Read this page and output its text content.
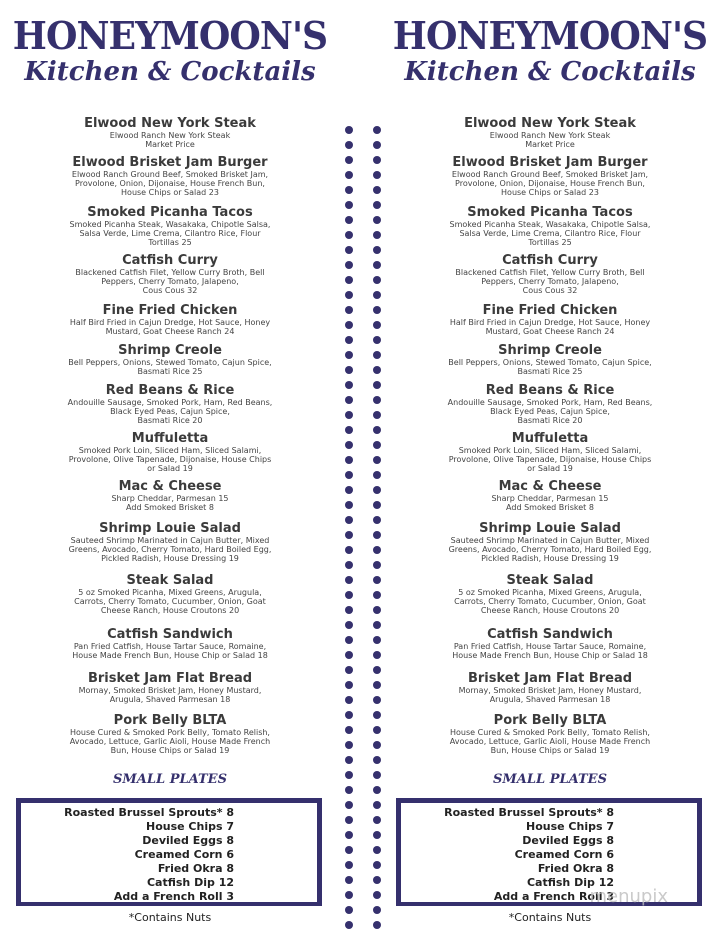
HONEYMOON'S
Kitchen & Cocktails
Elwood New York Steak
Elwood Ranch New York Steak
Market Price
Elwood Brisket Jam Burger
Elwood Ranch Ground Beef, Smoked Brisket Jam,
Provolone, Onion, Dijonaise, House French Bun,
House Chips or Salad 23
Smoked Picanha Tacos
Smoked Picanha Steak, Wasakaka, Chipotle Salsa,
Salsa Verde, Lime Crema, Cilantro Rice, Flour
Tortillas 25
Catfish Curry
Blackened Catfish Filet, Yellow Curry Broth, Bell
Peppers, Cherry Tomato, Jalapeno,
Cous Cous 32
Fine Fried Chicken
Half Bird Fried in Cajun Dredge, Hot Sauce, Honey
Mustard, Goat Cheese Ranch 24
Shrimp Creole
Bell Peppers, Onions, Stewed Tomato, Cajun Spice,
Basmati Rice 25
Red Beans & Rice
Andouille Sausage, Smoked Pork, Ham, Red Beans,
Black Eyed Peas, Cajun Spice,
Basmati Rice 20
Muffuletta
Smoked Pork Loin, Sliced Ham, Sliced Salami,
Provolone, Olive Tapenade, Dijonaise, House Chips
or Salad 19
Mac & Cheese
Sharp Cheddar, Parmesan 15
Add Smoked Brisket 8
Shrimp Louie Salad
Sauteed Shrimp Marinated in Cajun Butter, Mixed
Greens, Avocado, Cherry Tomato, Hard Boiled Egg,
Pickled Radish, House Dressing 19
Steak Salad
5 oz Smoked Picanha, Mixed Greens, Arugula,
Carrots, Cherry Tomato, Cucumber, Onion, Goat
Cheese Ranch, House Croutons 20
Catfish Sandwich
Pan Fried Catfish, House Tartar Sauce, Romaine,
House Made French Bun, House Chip or Salad 18
Brisket Jam Flat Bread
Mornay, Smoked Brisket Jam, Honey Mustard,
Arugula, Shaved Parmesan 18
Pork Belly BLTA
House Cured & Smoked Pork Belly, Tomato Relish,
Avocado, Lettuce, Garlic Aioli, House Made French
Bun, House Chips or Salad 19
SMALL PLATES
Roasted Brussel Sprouts* 8
House Chips 7
Deviled Eggs 8
Creamed Corn 6
Fried Okra 8
Catfish Dip 12
Add a French Roll 3
*Contains Nuts
HONEYMOON'S
Kitchen & Cocktails
Elwood New York Steak
Elwood Ranch New York Steak
Market Price
Elwood Brisket Jam Burger
Elwood Ranch Ground Beef, Smoked Brisket Jam,
Provolone, Onion, Dijonaise, House French Bun,
House Chips or Salad 23
Smoked Picanha Tacos
Smoked Picanha Steak, Wasakaka, Chipotle Salsa,
Salsa Verde, Lime Crema, Cilantro Rice, Flour
Tortillas 25
Catfish Curry
Blackened Catfish Filet, Yellow Curry Broth, Bell
Peppers, Cherry Tomato, Jalapeno,
Cous Cous 32
Fine Fried Chicken
Half Bird Fried in Cajun Dredge, Hot Sauce, Honey
Mustard, Goat Cheese Ranch 24
Shrimp Creole
Bell Peppers, Onions, Stewed Tomato, Cajun Spice,
Basmati Rice 25
Red Beans & Rice
Andouille Sausage, Smoked Pork, Ham, Red Beans,
Black Eyed Peas, Cajun Spice,
Basmati Rice 20
Muffuletta
Smoked Pork Loin, Sliced Ham, Sliced Salami,
Provolone, Olive Tapenade, Dijonaise, House Chips
or Salad 19
Mac & Cheese
Sharp Cheddar, Parmesan 15
Add Smoked Brisket 8
Shrimp Louie Salad
Sauteed Shrimp Marinated in Cajun Butter, Mixed
Greens, Avocado, Cherry Tomato, Hard Boiled Egg,
Pickled Radish, House Dressing 19
Steak Salad
5 oz Smoked Picanha, Mixed Greens, Arugula,
Carrots, Cherry Tomato, Cucumber, Onion, Goat
Cheese Ranch, House Croutons 20
Catfish Sandwich
Pan Fried Catfish, House Tartar Sauce, Romaine,
House Made French Bun, House Chip or Salad 18
Brisket Jam Flat Bread
Mornay, Smoked Brisket Jam, Honey Mustard,
Arugula, Shaved Parmesan 18
Pork Belly BLTA
House Cured & Smoked Pork Belly, Tomato Relish,
Avocado, Lettuce, Garlic Aioli, House Made French
Bun, House Chips or Salad 19
SMALL PLATES
Roasted Brussel Sprouts* 8
House Chips 7
Deviled Eggs 8
Creamed Corn 6
Fried Okra 8
Catfish Dip 12
Add a French Roll 3
*Contains Nuts
menupix
